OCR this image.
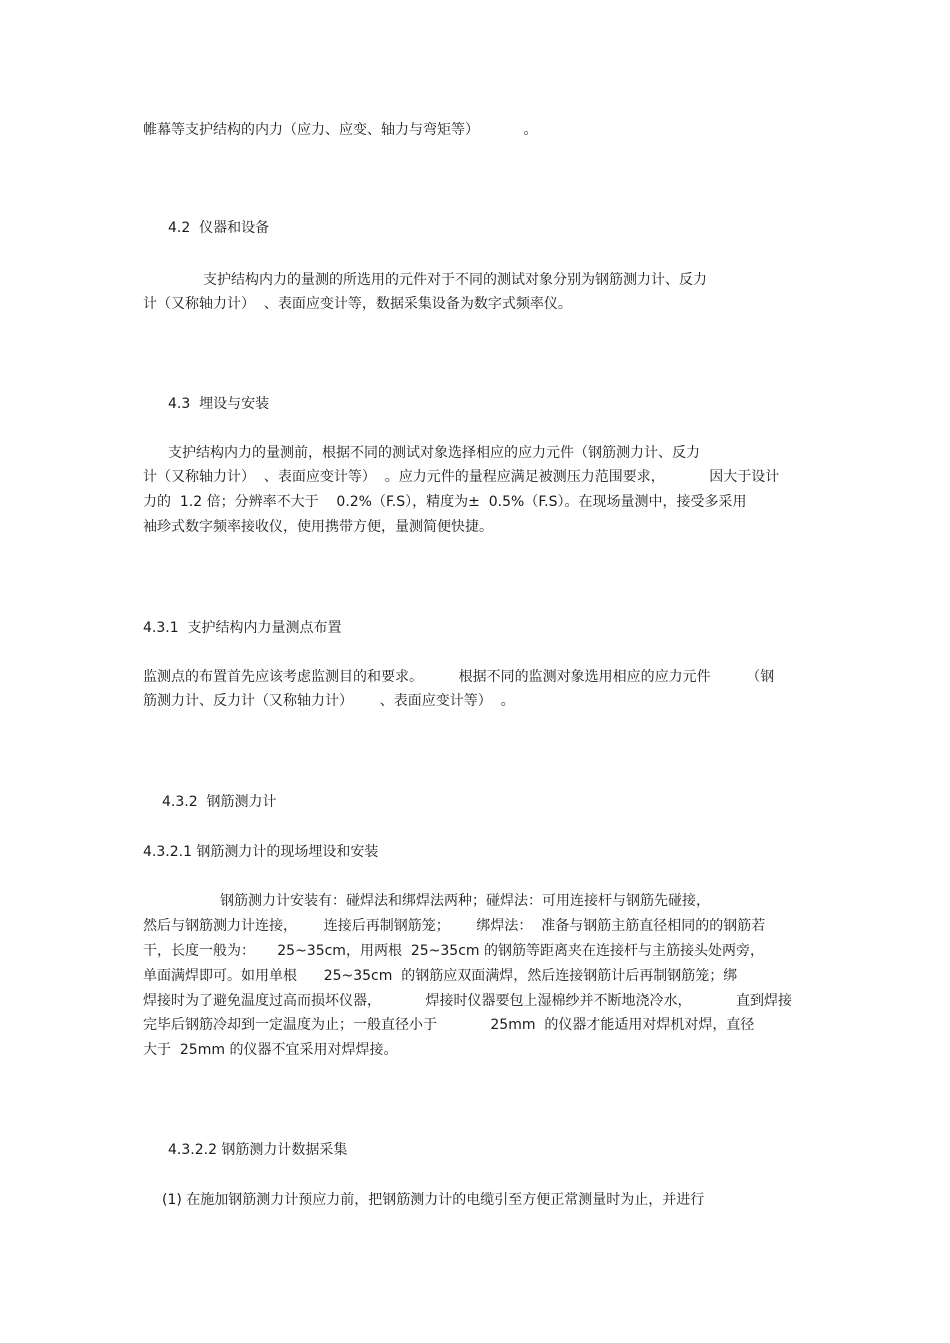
帷幕等支护结构的内力（应力、应变、轴力与弯矩等）          。
4.2  仪器和设备
支护结构内力的量测的所选用的元件对于不同的测试对象分别为钢筋测力计、反力
计（又称轴力计）  、表面应变计等，数据采集设备为数字式频率仪。
4.3  埋设与安装
支护结构内力的量测前，根据不同的测试对象选择相应的应力元件（钢筋测力计、反力
计（又称轴力计）  、表面应变计等）  。应力元件的量程应满足被测压力范围要求，          因大于设计
力的  1.2 倍；分辨率不大于    0.2%（F.S），精度为±  0.5%（F.S）。在现场量测中，接受多采用
袖珍式数字频率接收仪，使用携带方便，量测简便快捷。
4.3.1  支护结构内力量测点布置
监测点的布置首先应该考虑监测目的和要求。        根据不同的监测对象选用相应的应力元件        （钢
筋测力计、反力计（又称轴力计）      、表面应变计等）  。
4.3.2  钢筋测力计
4.3.2.1 钢筋测力计的现场埋设和安装
钢筋测力计安装有：碰焊法和绑焊法两种；碰焊法：可用连接杆与钢筋先碰接，
然后与钢筋测力计连接，      连接后再制钢筋笼；      绑焊法：  准备与钢筋主筋直径相同的的钢筋若
干，长度一般为：     25~35cm，用两根  25~35cm 的钢筋等距离夹在连接杆与主筋接头处两旁，
单面满焊即可。如用单根      25~35cm  的钢筋应双面满焊，然后连接钢筋计后再制钢筋笼；绑
焊接时为了避免温度过高而损坏仪器，          焊接时仪器要包上湿棉纱并不断地浇冷水，          直到焊接
完毕后钢筋冷却到一定温度为止；一般直径小于            25mm  的仪器才能适用对焊机对焊，直径
大于  25mm 的仪器不宜采用对焊焊接。
4.3.2.2 钢筋测力计数据采集
(1) 在施加钢筋测力计预应力前，把钢筋测力计的电缆引至方便正常测量时为止，并进行
